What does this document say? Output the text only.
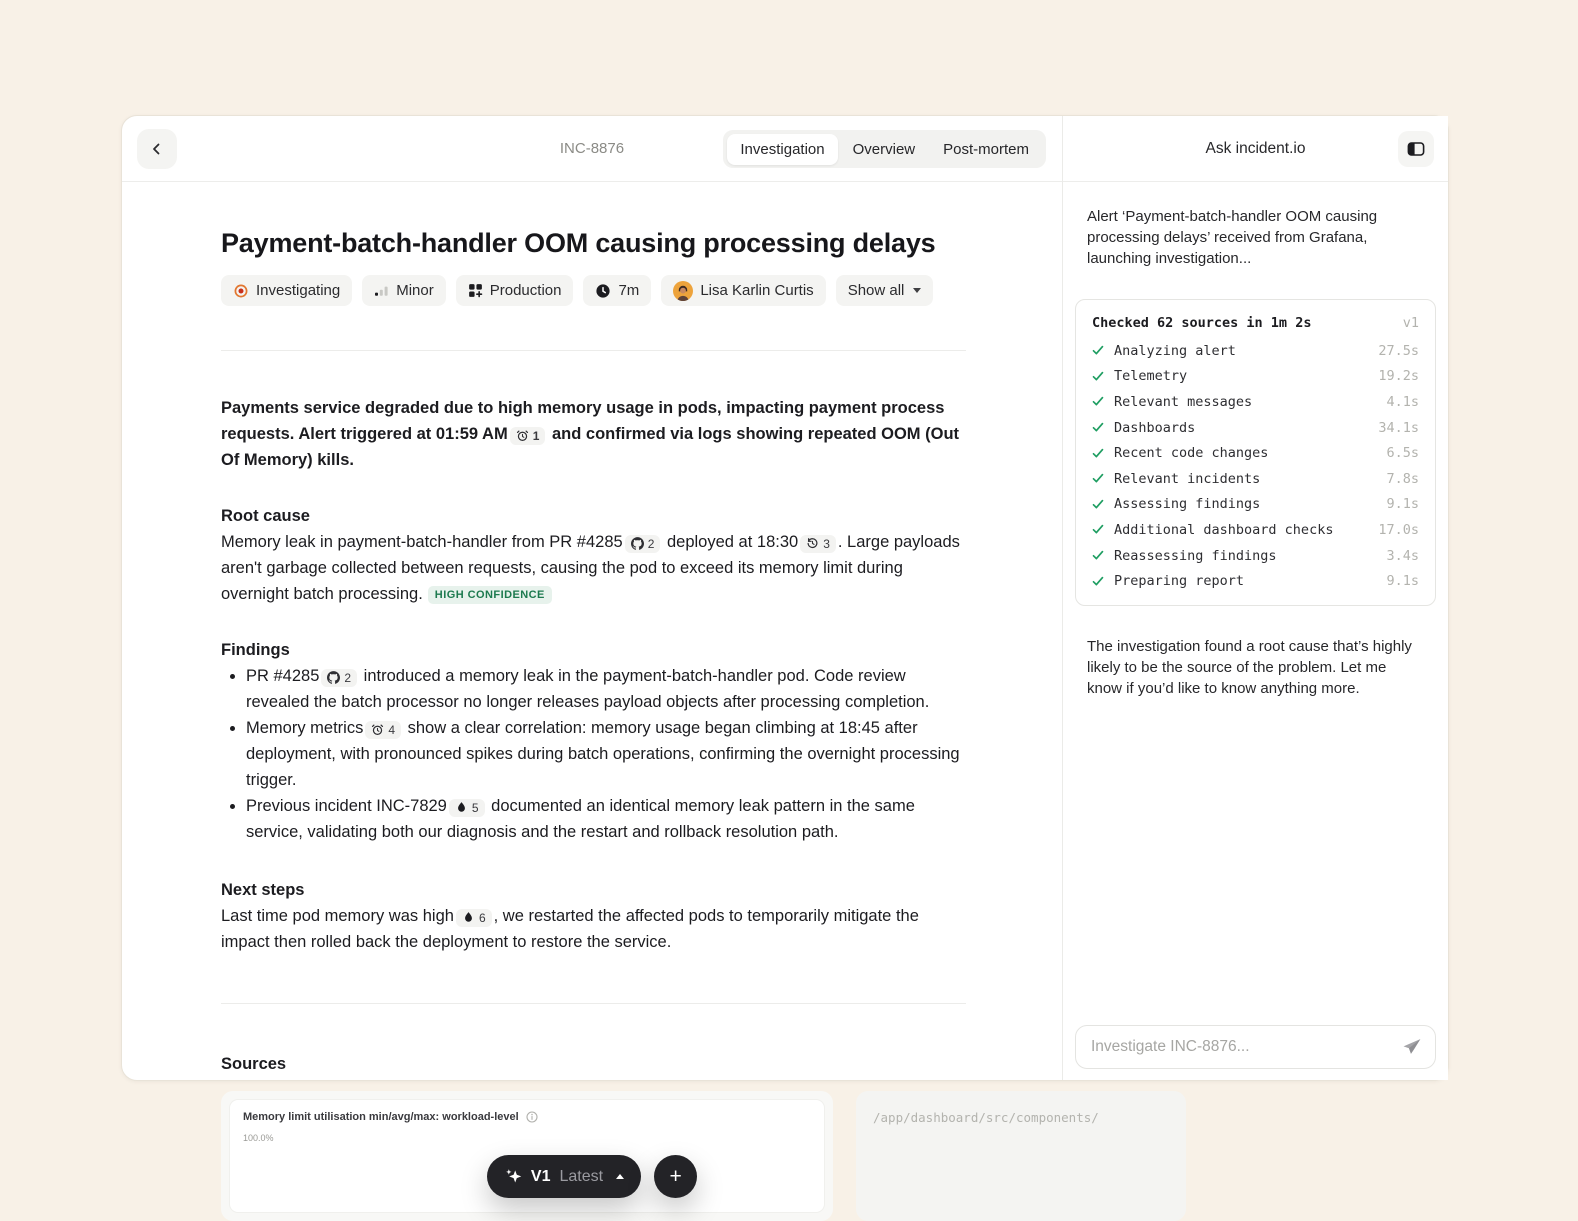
INC-8876	Investigation	Overview	Post-mortem
Payment-batch-handler OOM causing processing delays
Investigating	Minor	Production	7m	Lisa Karlin Curtis Show all

Payments service degraded due to high memory usage in pods, impacting payment process requests. Alert triggered at 01:59 AM 1 and confirmed via logs showing repeated OOM (Out Of Memory) kills.

Root cause

Memory leak in payment-batch-handler from PR #4285 2 deployed at 18:30 3 . Large payloads aren't garbage collected between requests, causing the pod to exceed its memory limit during overnight batch processing. HIGH CONFIDENCE

Findings
• PR #4285 2 introduced a memory leak in the payment-batch-handler pod. Code review revealed the batch processor no longer releases payload objects after processing completion.
• Memory metrics 4 show a clear correlation: memory usage began climbing at 18:45 after deployment, with pronounced spikes during batch operations, confirming the overnight processing trigger.
• Previous incident INC-7829 5 documented an identical memory leak pattern in the same service, validating both our diagnosis and the restart and rollback resolution path.
Next steps

Last time pod memory was high 6 , we restarted the affected pods to temporarily mitigate the impact then rolled back the deployment to restore the service.

Sources
Memory limit utilisation min/avg/max: workload-level
100.0%
/app/dashboard/src/components/
V1 Latest	+
Ask incident.io

Alert ‘Payment-batch-handler OOM causing processing delays’ received from Grafana, launching investigation...

Checked 62 sources in 1m 2s	v1
Analyzing alert	27.5s
Telemetry	19.2s
Relevant messages	4.1s
Dashboards	34.1s
Recent code changes	6.5s
Relevant incidents	7.8s
Assessing findings	9.1s
Additional dashboard checks	17.0s
Reassessing findings	3.4s
Preparing report	9.1s

The investigation found a root cause that’s highly likely to be the source of the problem. Let me know if you’d like to know anything more.

Investigate INC-8876...
